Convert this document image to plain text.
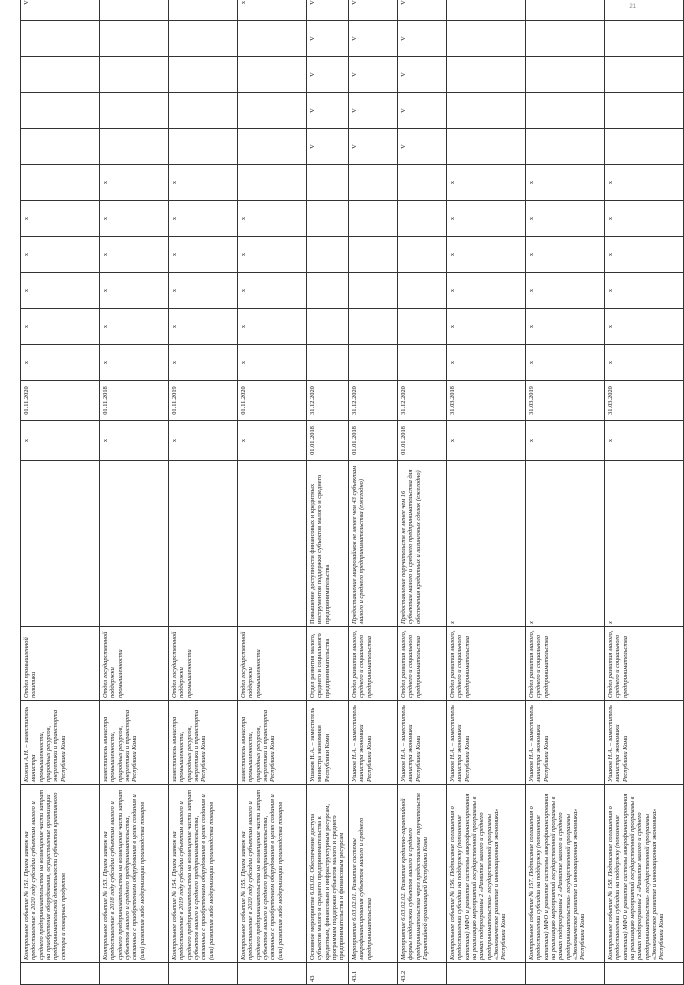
21
	Контрольное событие № 151. Прием заявок на предоставление в 2020 году субсидии субъектам малого и среднего предпринимательства на возмещение части затрат на приобретение оборудования, осуществление организации предпринимательской деятельности субъектов креативного сектора и товарных продуктов	Кожин А.Н. – заместитель министра промышленности, природных ресурсов, энергетики и транспорта Республики Коми	Отдел промышленной политики		х	01.11.2020	х	х	х	х	х						V
	Контрольное событие № 153. Прием заявок на предоставление в 2018 году субсидии субъектам малого и среднего предпринимательства на возмещение части затрат субъектов малого и среднего предпринимательства, связанных с приобретением оборудования в целях создания и (или) развития либо модернизации производства товаров	заместитель министра промышленности, природных ресурсов, энергетики и транспорта Республики Коми	Отдел государственной поддержки промышленности		х	01.11.2018	х	х	х	х	х	х					
	Контрольное событие № 154. Прием заявок на предоставление в 2019 году субсидии субъектам малого и среднего предпринимательства на возмещение части затрат субъектов малого и среднего предпринимательства, связанных с приобретением оборудования в целях создания и (или) развития либо модернизации производства товаров	заместитель министра промышленности, природных ресурсов, энергетики и транспорта Республики Коми	Отдел государственной поддержки промышленности		х	01.11.2019	х	х	х	х	х	х					
	Контрольное событие № 155. Прием заявок на предоставление в 2020 году субсидии субъектам малого и среднего предпринимательства на возмещение части затрат субъектов малого и среднего предпринимательства, связанных с приобретением оборудования в целях создания и (или) развития либо модернизации производства товаров	заместитель министра промышленности, природных ресурсов, энергетики и транспорта Республики Коми	Отдел государственной поддержки промышленности		х	01.11.2020	х	х	х	х	х						х
43	Основное мероприятие 6.03.02. Обеспечение доступа субъектов малого и среднего предпринимательства к кредитным, финансовым и инфраструктурным ресурсам, программам поддержки субъектов малого и среднего предпринимательства и финансовым ресурсам	Ушаков Н.А. – заместитель министра экономики Республики Коми	Отдел развития малого, среднего и социального предпринимательства	Повышение доступности финансовых и кредитных инструментов поддержки субъектов малого и среднего предпринимательства	01.01.2018	31.12.2020							V	V	V	V	V
43.1	Мероприятие 6.03.02.01. Развитие системы микрофинансирования субъектов малого и среднего предпринимательства	Ушаков Н.А. – заместитель министра экономики Республики Коми	Отдел развития малого, среднего и социального предпринимательства	Предоставление микрозаймов не менее чем 43 субъектам малого и среднего предпринимательства (ежегодно)	01.01.2018	31.12.2020							V	V	V	V	V
43.2	Мероприятие 6.03.02.02. Развитие кредитно-гарантийной формы поддержки субъектов малого и среднего предпринимательства через предоставление поручительств Гарантийной организацией Республики Коми	Ушаков Н.А. – заместитель министра экономики Республики Коми	Отдел развития малого, среднего и социального предпринимательства	Предоставление поручительств не менее чем 16 субъектам малого и среднего предпринимательства для обеспечения кредитных и лизинговых сделок (ежегодно)	01.01.2018	31.12.2020							V	V	V	V	V
	Контрольное событие № 156. Подписание соглашения о предоставлении субсидии на поддержку (пополнение капитала) МФО и развитие системы микрофинансирования на реализацию мероприятий государственной программы в рамках подпрограммы 2 «Развитие малого и среднего предпринимательства» государственной программы «Экономическое развитие и инновационная экономика» Республики Коми	Ушаков Н.А. – заместитель министра экономики Республики Коми	Отдел развития малого, среднего и социального предпринимательства	х	х	31.03.2018	х	х	х	х	х	х					
	Контрольное событие № 157. Подписание соглашения о предоставлении субсидии на поддержку (пополнение капитала) МФО и развитие системы микрофинансирования на реализацию мероприятий государственной программы в рамках подпрограммы 2 «Развитие малого и среднего предпринимательства» государственной программы «Экономическое развитие и инновационная экономика» Республики Коми	Ушаков Н.А. – заместитель министра экономики Республики Коми	Отдел развития малого, среднего и социального предпринимательства	х	х	31.03.2019	х	х	х	х	х	х					
	Контрольное событие № 158. Подписание соглашения о предоставлении субсидии на поддержку (пополнение капитала) МФО и развитие системы микрофинансирования на реализацию мероприятий государственной программы в рамках подпрограммы 2 «Развитие малого и среднего предпринимательства» государственной программы «Экономическое развитие и инновационная экономика» Республики Коми	Ушаков Н.А. – заместитель министра экономики Республики Коми	Отдел развития малого, среднего и социального предпринимательства	х	х	31.03.2020	х	х	х	х	х	х					
